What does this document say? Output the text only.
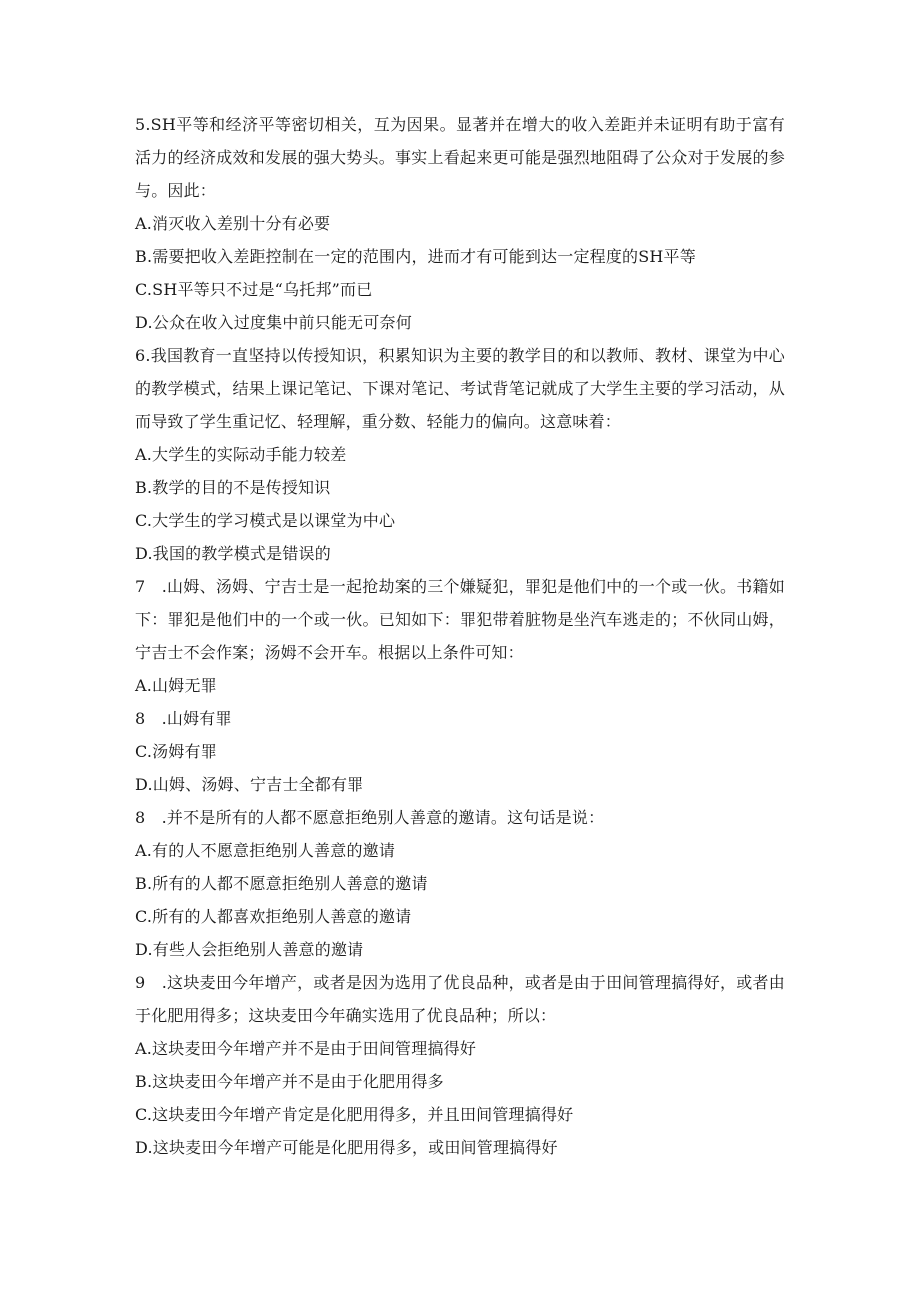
5.SH平等和经济平等密切相关，互为因果。显著并在增大的收入差距并未证明有助于富有活力的经济成效和发展的强大势头。事实上看起来更可能是强烈地阻碍了公众对于发展的参与。因此：

A.消灭收入差别十分有必要

B.需要把收入差距控制在一定的范围内，进而才有可能到达一定程度的SH平等

C.SH平等只不过是“乌托邦”而已

D.公众在收入过度集中前只能无可奈何

6.我国教育一直坚持以传授知识，积累知识为主要的教学目的和以教师、教材、课堂为中心的教学模式，结果上课记笔记、下课对笔记、考试背笔记就成了大学生主要的学习活动，从而导致了学生重记忆、轻理解，重分数、轻能力的偏向。这意味着：

A.大学生的实际动手能力较差

B.教学的目的不是传授知识

C.大学生的学习模式是以课堂为中心

D.我国的教学模式是错误的

7　.山姆、汤姆、宁吉士是一起抢劫案的三个嫌疑犯，罪犯是他们中的一个或一伙。书籍如下：罪犯是他们中的一个或一伙。已知如下：罪犯带着脏物是坐汽车逃走的；不伙同山姆，宁吉士不会作案；汤姆不会开车。根据以上条件可知：

A.山姆无罪

8　.山姆有罪

C.汤姆有罪

D.山姆、汤姆、宁吉士全都有罪

8　.并不是所有的人都不愿意拒绝别人善意的邀请。这句话是说：

A.有的人不愿意拒绝别人善意的邀请

B.所有的人都不愿意拒绝别人善意的邀请

C.所有的人都喜欢拒绝别人善意的邀请

D.有些人会拒绝别人善意的邀请

9　.这块麦田今年增产，或者是因为选用了优良品种，或者是由于田间管理搞得好，或者由于化肥用得多；这块麦田今年确实选用了优良品种；所以：

A.这块麦田今年增产并不是由于田间管理搞得好

B.这块麦田今年增产并不是由于化肥用得多

C.这块麦田今年增产肯定是化肥用得多，并且田间管理搞得好

D.这块麦田今年增产可能是化肥用得多，或田间管理搞得好
